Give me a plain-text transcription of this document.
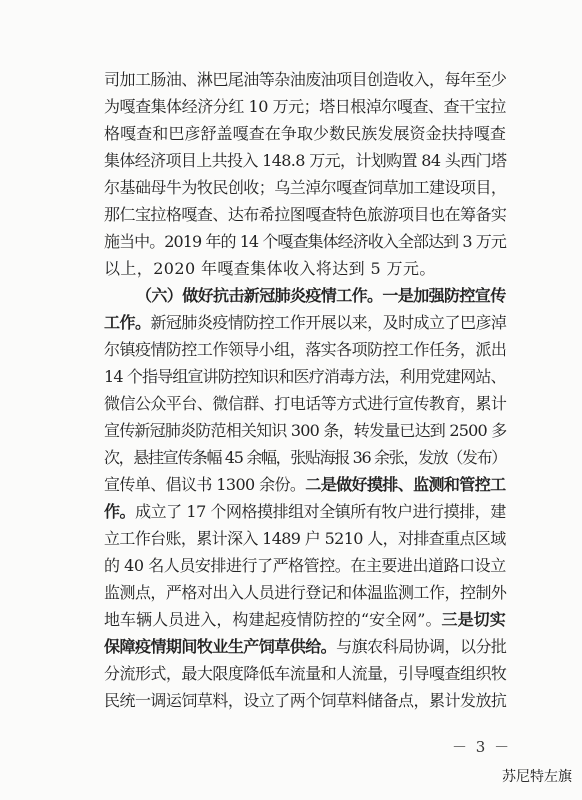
司加工肠油、淋巴尾油等杂油废油项目创造收入，每年至少
为嘎查集体经济分红 10 万元；塔日根淖尔嘎查、查干宝拉
格嘎查和巴彦舒盖嘎查在争取少数民族发展资金扶持嘎查
集体经济项目上共投入 148.8 万元，计划购置 84 头西门塔
尔基础母牛为牧民创收；乌兰淖尔嘎查饲草加工建设项目，
那仁宝拉格嘎查、达布希拉图嘎查特色旅游项目也在筹备实
施当中。2019 年的 14 个嘎查集体经济收入全部达到 3 万元
以上，2020 年嘎查集体收入将达到 5 万元。
（六）做好抗击新冠肺炎疫情工作。一是加强防控宣传
工作。新冠肺炎疫情防控工作开展以来，及时成立了巴彦淖
尔镇疫情防控工作领导小组，落实各项防控工作任务，派出
14 个指导组宣讲防控知识和医疗消毒方法，利用党建网站、
微信公众平台、微信群、打电话等方式进行宣传教育，累计
宣传新冠肺炎防范相关知识 300 条，转发量已达到 2500 多
次，悬挂宣传条幅 45 余幅，张贴海报 36 余张，发放（发布）
宣传单、倡议书 1300 余份。二是做好摸排、监测和管控工
作。成立了 17 个网格摸排组对全镇所有牧户进行摸排，建
立工作台账，累计深入 1489 户 5210 人，对排查重点区域
的 40 名人员安排进行了严格管控。在主要进出道路口设立
监测点，严格对出入人员进行登记和体温监测工作，控制外
地车辆人员进入，构建起疫情防控的“安全网”。三是切实
保障疫情期间牧业生产饲草供给。与旗农科局协调，以分批
分流形式，最大限度降低车流量和人流量，引导嘎查组织牧
民统一调运饲草料，设立了两个饲草料储备点，累计发放抗
－ 3 －
苏尼特左旗
